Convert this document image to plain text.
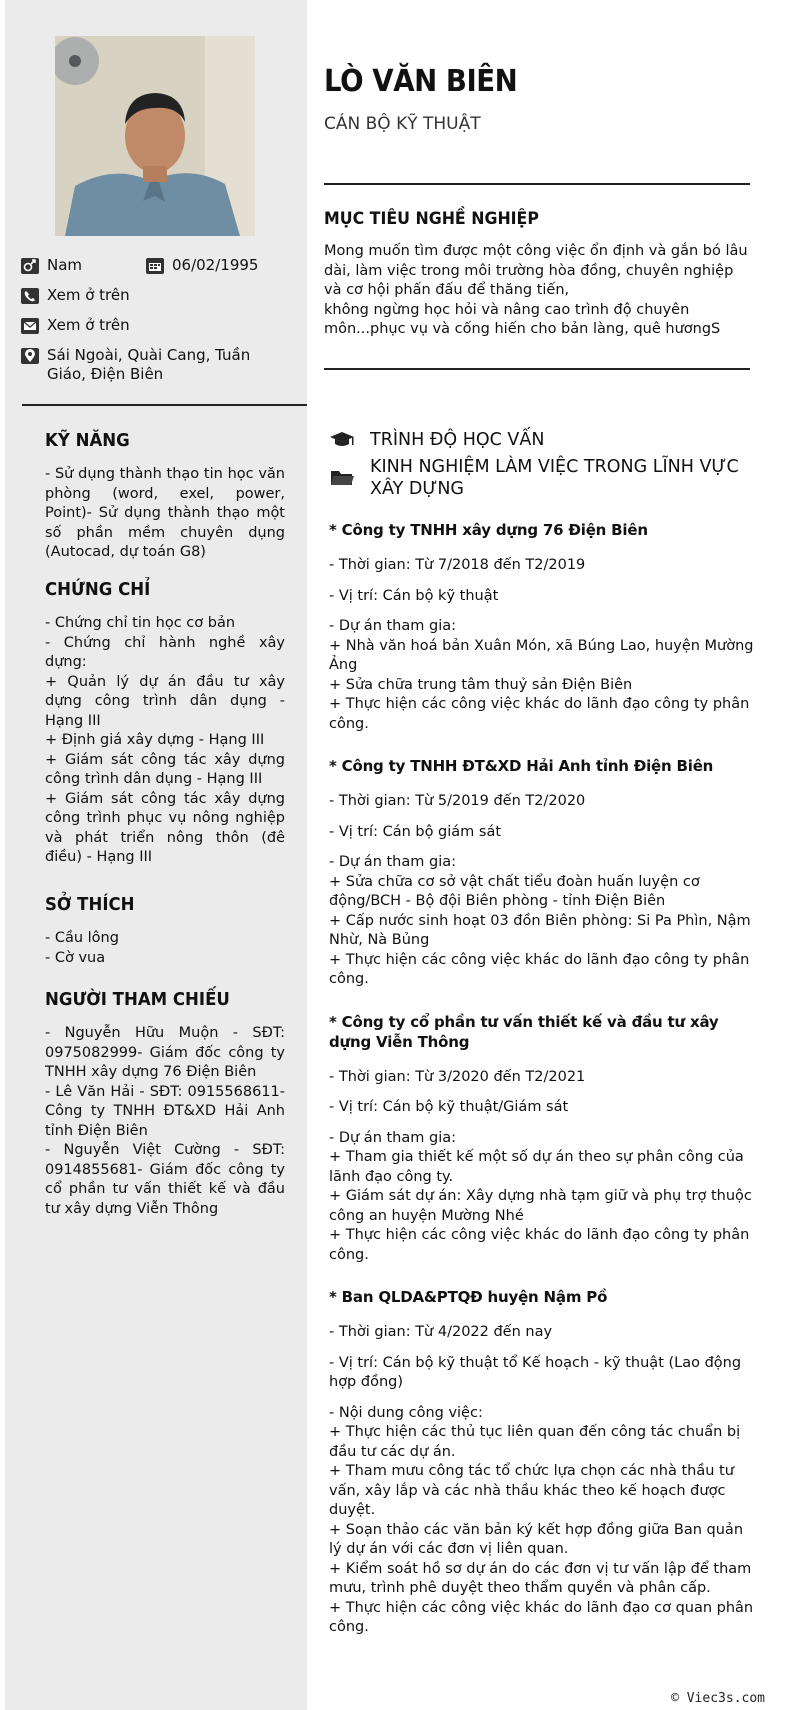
Nam	06/02/1995
Xem ở trên
Xem ở trên
Sái Ngoài, Quài Cang, Tuần Giáo, Điện Biên
KỸ NĂNG

- Sử dụng thành thạo tin học văn phòng (word, exel, power, Point)- Sử dụng thành thạo một số phần mềm chuyên dụng (Autocad, dự toán G8)

CHỨNG CHỈ

- Chứng chỉ tin học cơ bản
- Chứng chỉ hành nghề xây dựng:
+ Quản lý dự án đầu tư xây dựng công trình dân dụng - Hạng III
+ Định giá xây dựng - Hạng III
+ Giám sát công tác xây dựng công trình dân dụng - Hạng III
+ Giám sát công tác xây dựng công trình phục vụ nông nghiệp và phát triển nông thôn (đê điều) - Hạng III

SỞ THÍCH

- Cầu lông
- Cờ vua

NGƯỜI THAM CHIẾU

- Nguyễn Hữu Muộn - SĐT: 0975082999- Giám đốc công ty TNHH xây dựng 76 Điện Biên
- Lê Văn Hải - SĐT: 0915568611- Công ty TNHH ĐT&XD Hải Anh tỉnh Điện Biên
- Nguyễn Việt Cường - SĐT: 0914855681- Giám đốc công ty cổ phần tư vấn thiết kế và đầu tư xây dựng Viễn Thông

LÒ VĂN BIÊN
CÁN BỘ KỸ THUẬT
MỤC TIÊU NGHỀ NGHIỆP
Mong muốn tìm được một công việc ổn định và gắn bó lâu dài, làm việc trong môi trường hòa đồng, chuyên nghiệp và cơ hội phấn đấu để thăng tiến,
không ngừng học hỏi và nâng cao trình độ chuyên môn...phục vụ và cống hiến cho bản làng, quê hươngS
TRÌNH ĐỘ HỌC VẤN
KINH NGHIỆM LÀM VIỆC TRONG LĨNH VỰC XÂY DỰNG

* Công ty TNHH xây dựng 76 Điện Biên

- Thời gian: Từ 7/2018 đến T2/2019

- Vị trí: Cán bộ kỹ thuật

- Dự án tham gia:
+ Nhà văn hoá bản Xuân Món, xã Búng Lao, huyện Mường Ảng
+ Sửa chữa trung tâm thuỷ sản Điện Biên
+ Thực hiện các công việc khác do lãnh đạo công ty phân công.

* Công ty TNHH ĐT&XD Hải Anh tỉnh Điện Biên

- Thời gian: Từ 5/2019 đến T2/2020

- Vị trí: Cán bộ giám sát

- Dự án tham gia:
+ Sửa chữa cơ sở vật chất tiểu đoàn huấn luyện cơ động/BCH - Bộ đội Biên phòng - tỉnh Điện Biên
+ Cấp nước sinh hoạt 03 đồn Biên phòng: Si Pa Phìn, Nậm Nhừ, Nà Bủng
+ Thực hiện các công việc khác do lãnh đạo công ty phân công.

* Công ty cổ phần tư vấn thiết kế và đầu tư xây dựng Viễn Thông

- Thời gian: Từ 3/2020 đến T2/2021

- Vị trí: Cán bộ kỹ thuật/Giám sát

- Dự án tham gia:
+ Tham gia thiết kế một số dự án theo sự phân công của lãnh đạo công ty.
+ Giám sát dự án: Xây dựng nhà tạm giữ và phụ trợ thuộc công an huyện Mường Nhé
+ Thực hiện các công việc khác do lãnh đạo công ty phân công.

* Ban QLDA&PTQĐ huyện Nậm Pồ

- Thời gian: Từ 4/2022 đến nay

- Vị trí: Cán bộ kỹ thuật tổ Kế hoạch - kỹ thuật (Lao động hợp đồng)

- Nội dung công việc:
+ Thực hiện các thủ tục liên quan đến công tác chuẩn bị đầu tư các dự án.
+ Tham mưu công tác tổ chức lựa chọn các nhà thầu tư vấn, xây lắp và các nhà thầu khác theo kế hoạch được duyệt.
+ Soạn thảo các văn bản ký kết hợp đồng giữa Ban quản lý dự án với các đơn vị liên quan.
+ Kiểm soát hồ sơ dự án do các đơn vị tư vấn lập để tham mưu, trình phê duyệt theo thẩm quyền và phân cấp.
+ Thực hiện các công việc khác do lãnh đạo cơ quan phân công.

© Viec3s.com
